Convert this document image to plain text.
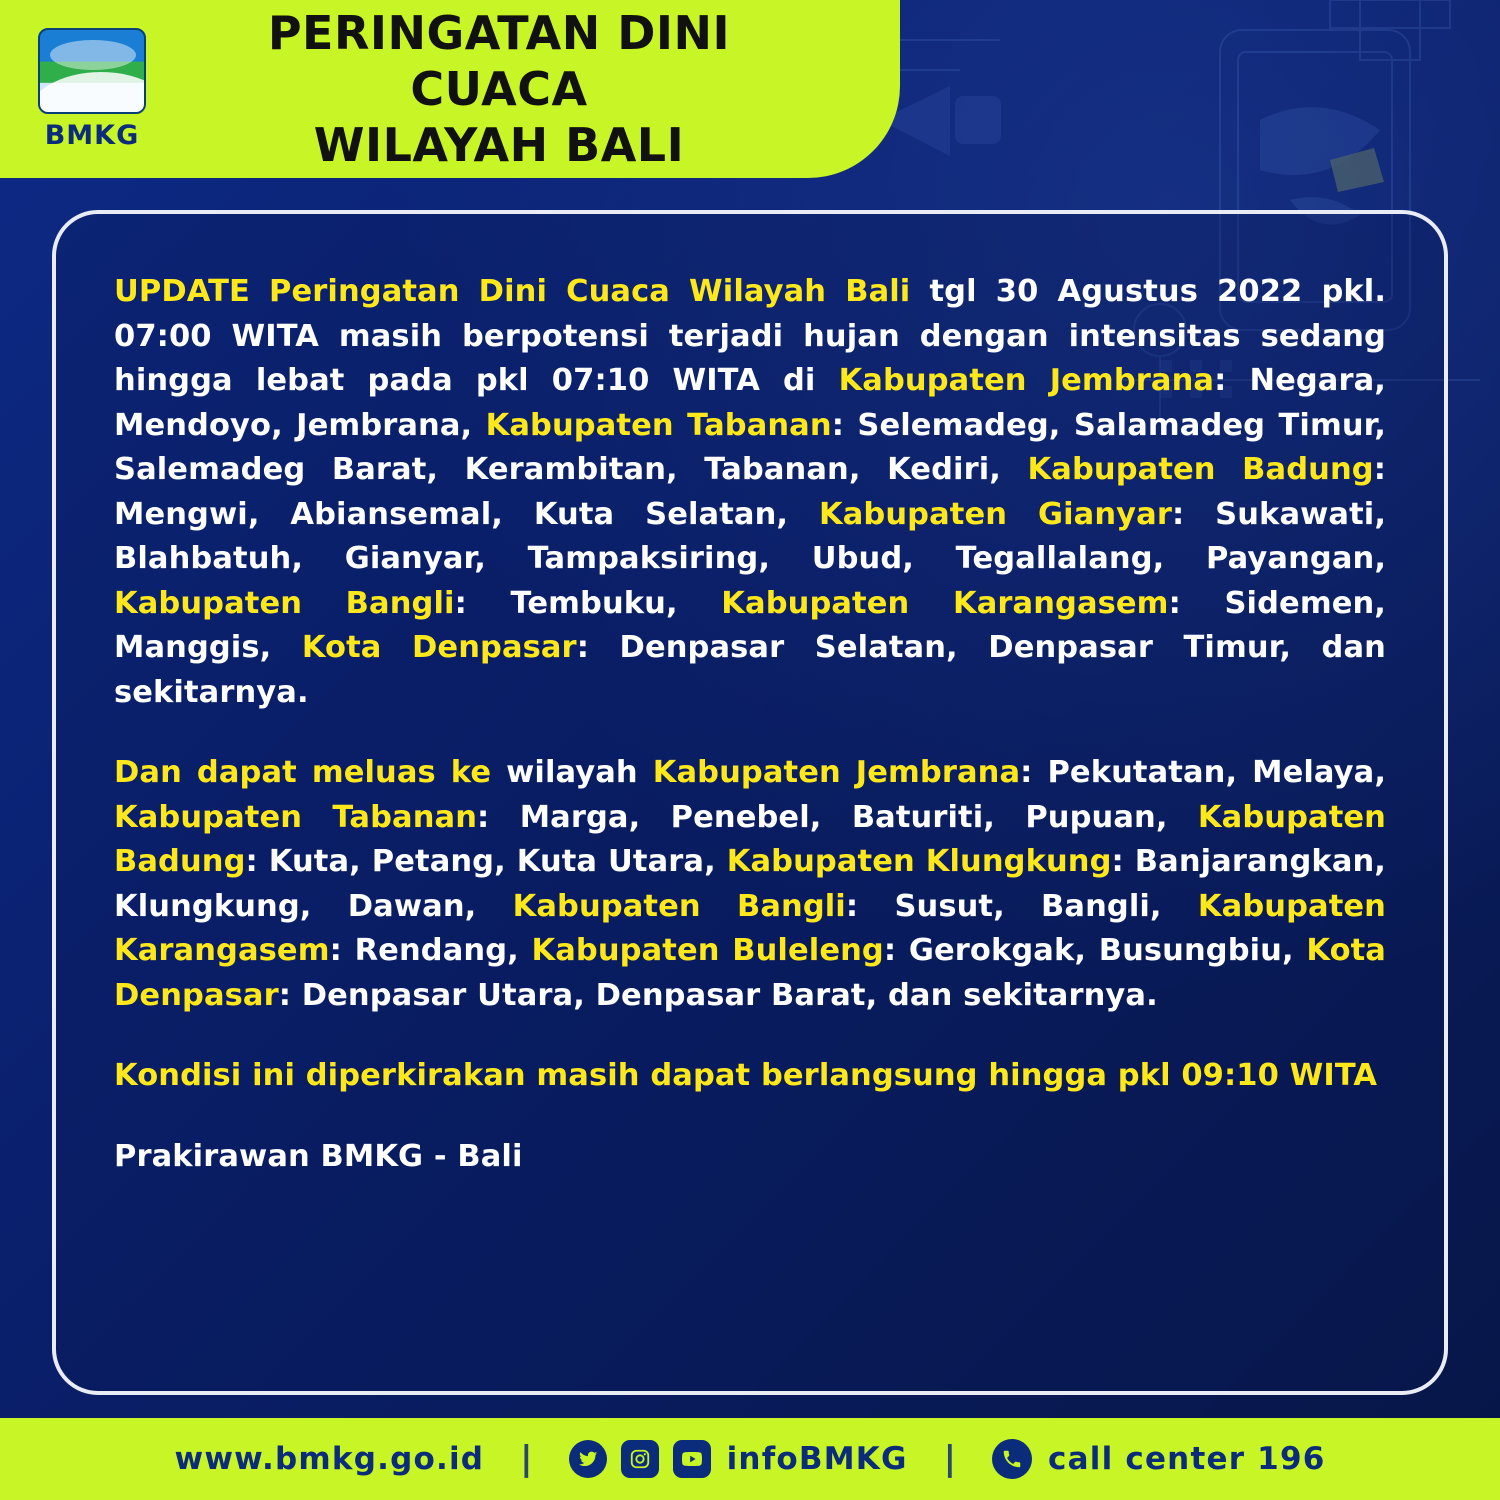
BMKG
PERINGATAN DINI CUACA
WILAYAH BALI

UPDATE Peringatan Dini Cuaca Wilayah Bali tgl 30 Agustus 2022 pkl. 07:00 WITA masih berpotensi terjadi hujan dengan intensitas sedang hingga lebat pada pkl 07:10 WITA di Kabupaten Jembrana: Negara, Mendoyo, Jembrana, Kabupaten Tabanan: Selemadeg, Salamadeg Timur, Salemadeg Barat, Kerambitan, Tabanan, Kediri, Kabupaten Badung: Mengwi, Abiansemal, Kuta Selatan, Kabupaten Gianyar: Sukawati, Blahbatuh, Gianyar, Tampaksiring, Ubud, Tegallalang, Payangan, Kabupaten Bangli: Tembuku, Kabupaten Karangasem: Sidemen, Manggis, Kota Denpasar: Denpasar Selatan, Denpasar Timur, dan sekitarnya.

Dan dapat meluas ke wilayah Kabupaten Jembrana: Pekutatan, Melaya, Kabupaten Tabanan: Marga, Penebel, Baturiti, Pupuan, Kabupaten Badung: Kuta, Petang, Kuta Utara, Kabupaten Klungkung: Banjarangkan, Klungkung, Dawan, Kabupaten Bangli: Susut, Bangli, Kabupaten Karangasem: Rendang, Kabupaten Buleleng: Gerokgak, Busungbiu, Kota Denpasar: Denpasar Utara, Denpasar Barat, dan sekitarnya.

Kondisi ini diperkirakan masih dapat berlangsung hingga pkl 09:10 WITA

Prakirawan BMKG - Bali

www.bmkg.go.id |	infoBMKG |	call center 196
